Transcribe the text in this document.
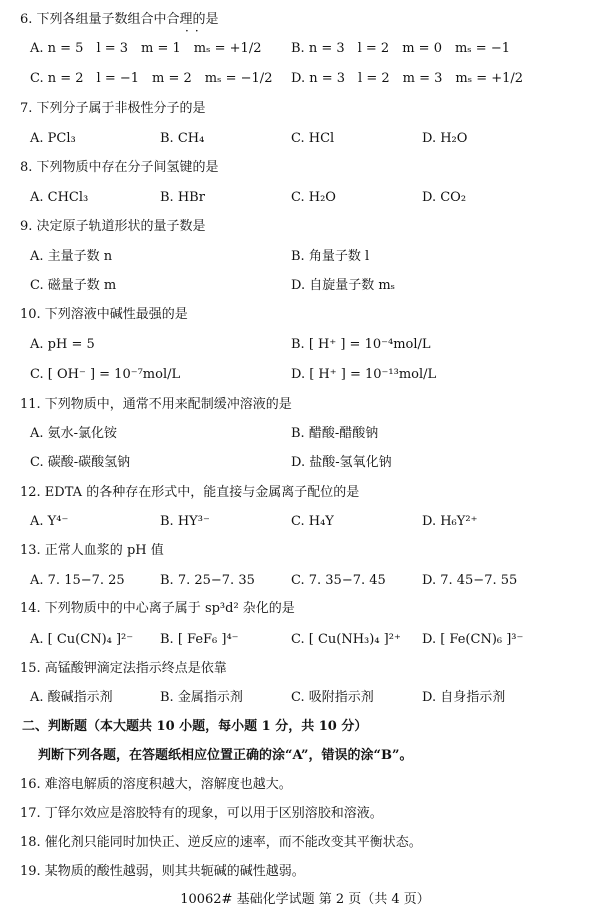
6. 下列各组量子数组合中合理的是
··
A. n = 5　l = 3　m = 1　mₛ = +1/2 B. n = 3　l = 2　m = 0　mₛ = −1
C. n = 2　l = −1　m = 2　mₛ = −1/2 D. n = 3　l = 2　m = 3　mₛ = +1/2
7. 下列分子属于非极性分子的是
A. PCl₃	B. CH₄	C. HCl	D. H₂O
8. 下列物质中存在分子间氢键的是
A. CHCl₃	B. HBr	C. H₂O	D. CO₂
9. 决定原子轨道形状的量子数是
A. 主量子数 n	B. 角量子数 l
C. 磁量子数 m	D. 自旋量子数 mₛ
10. 下列溶液中碱性最强的是
A. pH = 5	B. [ H⁺ ] = 10⁻⁴mol/L
C. [ OH⁻ ] = 10⁻⁷mol/L	D. [ H⁺ ] = 10⁻¹³mol/L
11. 下列物质中，通常不用来配制缓冲溶液的是
A. 氨水-氯化铵	B. 醋酸-醋酸钠
C. 碳酸-碳酸氢钠	D. 盐酸-氢氧化钠
12. EDTA 的各种存在形式中，能直接与金属离子配位的是
A. Y⁴⁻	B. HY³⁻	C. H₄Y	D. H₆Y²⁺
13. 正常人血浆的 pH 值
A. 7. 15−7. 25	B. 7. 25−7. 35	C. 7. 35−7. 45	D. 7. 45−7. 55
14. 下列物质中的中心离子属于 sp³d² 杂化的是
A. [ Cu(CN)₄ ]²⁻ B. [ FeF₆ ]⁴⁻	C. [ Cu(NH₃)₄ ]²⁺ D. [ Fe(CN)₆ ]³⁻
15. 高锰酸钾滴定法指示终点是依靠
A. 酸碱指示剂	B. 金属指示剂	C. 吸附指示剂	D. 自身指示剂
二、判断题（本大题共 10 小题，每小题 1 分，共 10 分）
判断下列各题，在答题纸相应位置正确的涂“A”，错误的涂“B”。
16. 难溶电解质的溶度积越大，溶解度也越大。
17. 丁铎尔效应是溶胶特有的现象，可以用于区别溶胶和溶液。
18. 催化剂只能同时加快正、逆反应的速率，而不能改变其平衡状态。
19. 某物质的酸性越弱，则其共轭碱的碱性越弱。
10062# 基础化学试题 第 2 页（共 4 页）
